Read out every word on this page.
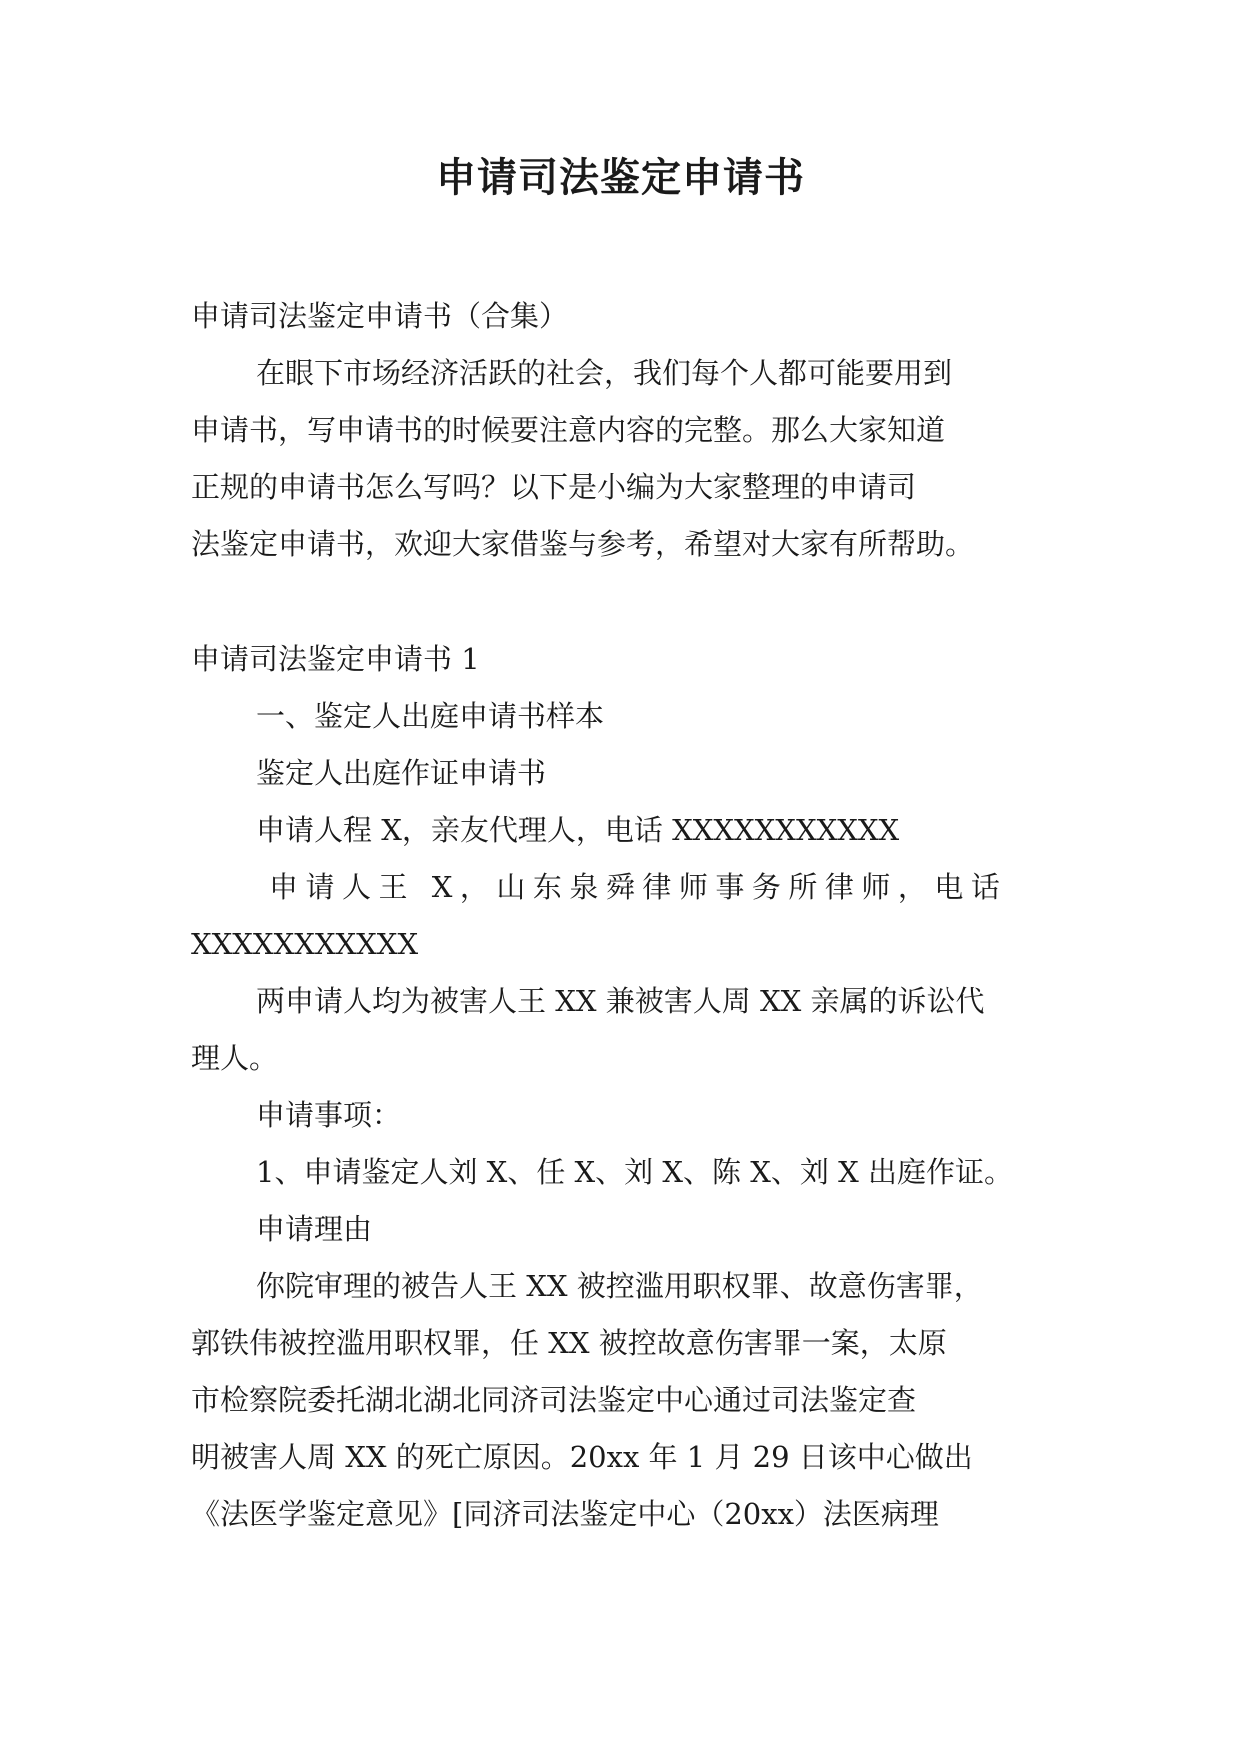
申请司法鉴定申请书

申请司法鉴定申请书（合集）

在眼下市场经济活跃的社会，我们每个人都可能要用到

申请书，写申请书的时候要注意内容的完整。那么大家知道

正规的申请书怎么写吗？以下是小编为大家整理的申请司

法鉴定申请书，欢迎大家借鉴与参考，希望对大家有所帮助。

申请司法鉴定申请书 1

一、鉴定人出庭申请书样本

鉴定人出庭作证申请书

申请人程 X，亲友代理人，电话 XXXXXXXXXXX

申请人王 X，山东泉舜律师事务所律师，电话

XXXXXXXXXXX

两申请人均为被害人王 XX 兼被害人周 XX 亲属的诉讼代

理人。

申请事项：

1、申请鉴定人刘 X、任 X、刘 X、陈 X、刘 X 出庭作证。

申请理由

你院审理的被告人王 XX 被控滥用职权罪、故意伤害罪，

郭铁伟被控滥用职权罪，任 XX 被控故意伤害罪一案，太原

市检察院委托湖北湖北同济司法鉴定中心通过司法鉴定查

明被害人周 XX 的死亡原因。20xx 年 1 月 29 日该中心做出

《法医学鉴定意见》[同济司法鉴定中心（20xx）法医病理
